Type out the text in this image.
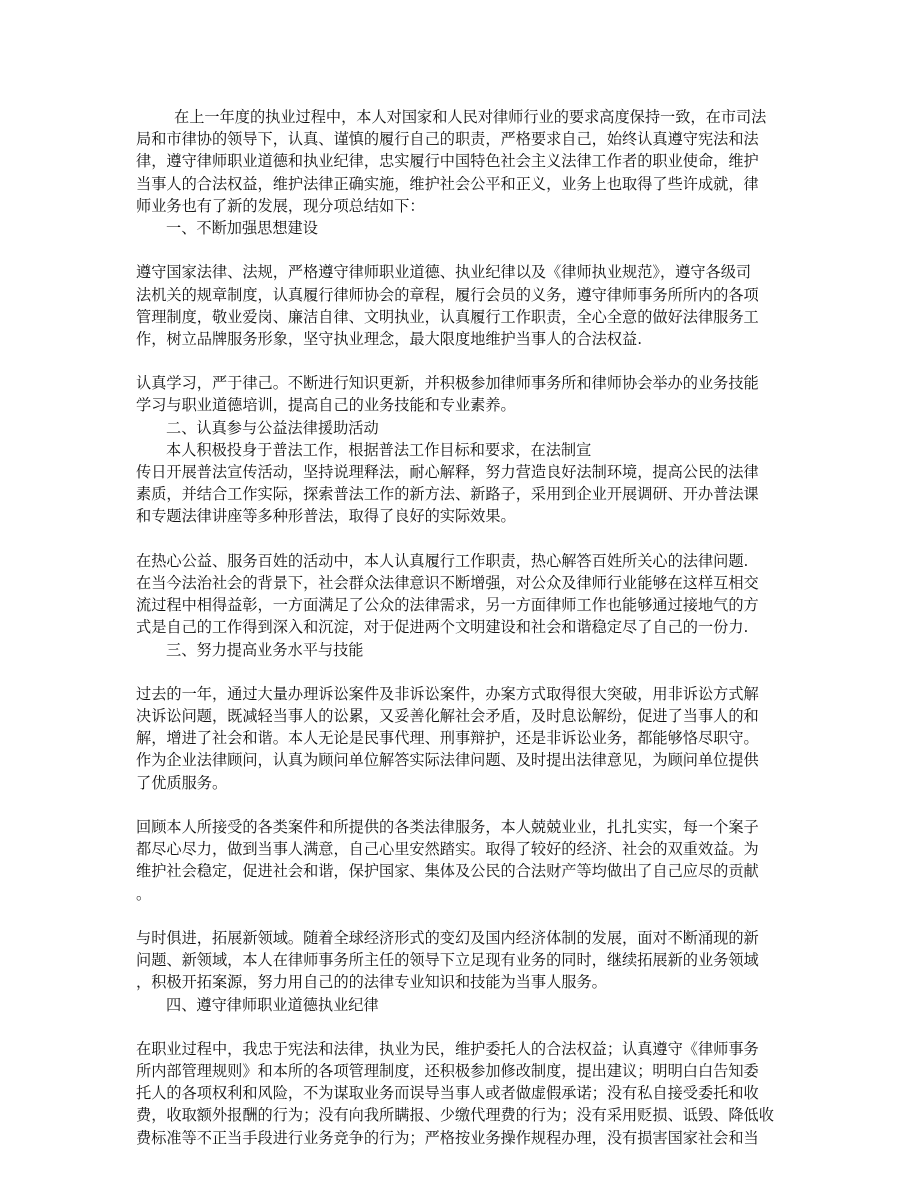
在上一年度的执业过程中，本人对国家和人民对律师行业的要求高度保持一致，在市司法

局和市律协的领导下，认真、谨慎的履行自己的职责，严格要求自己，始终认真遵守宪法和法

律，遵守律师职业道德和执业纪律，忠实履行中国特色社会主义法律工作者的职业使命，维护

当事人的合法权益，维护法律正确实施，维护社会公平和正义，业务上也取得了些许成就，律

师业务也有了新的发展，现分项总结如下：

一、不断加强思想建设

遵守国家法律、法规，严格遵守律师职业道德、执业纪律以及《律师执业规范》，遵守各级司

法机关的规章制度，认真履行律师协会的章程，履行会员的义务，遵守律师事务所所内的各项

管理制度，敬业爱岗、廉洁自律、文明执业，认真履行工作职责，全心全意的做好法律服务工

作，树立品牌服务形象，坚守执业理念，最大限度地维护当事人的合法权益.

认真学习，严于律己。不断进行知识更新，并积极参加律师事务所和律师协会举办的业务技能

学习与职业道德培训，提高自己的业务技能和专业素养。

二、认真参与公益法律援助活动

本人积极投身于普法工作，根据普法工作目标和要求，在法制宣

传日开展普法宣传活动，坚持说理释法，耐心解释，努力营造良好法制环境，提高公民的法律

素质，并结合工作实际，探索普法工作的新方法、新路子，采用到企业开展调研、开办普法课

和专题法律讲座等多种形普法，取得了良好的实际效果。

在热心公益、服务百姓的活动中，本人认真履行工作职责，热心解答百姓所关心的法律问题.

在当今法治社会的背景下，社会群众法律意识不断增强，对公众及律师行业能够在这样互相交

流过程中相得益彰，一方面满足了公众的法律需求，另一方面律师工作也能够通过接地气的方

式是自己的工作得到深入和沉淀，对于促进两个文明建设和社会和谐稳定尽了自己的一份力.

三、努力提高业务水平与技能

过去的一年，通过大量办理诉讼案件及非诉讼案件，办案方式取得很大突破，用非诉讼方式解

决诉讼问题，既减轻当事人的讼累，又妥善化解社会矛盾，及时息讼解纷，促进了当事人的和

解，增进了社会和谐。本人无论是民事代理、刑事辩护，还是非诉讼业务，都能够恪尽职守。

作为企业法律顾问，认真为顾问单位解答实际法律问题、及时提出法律意见，为顾问单位提供

了优质服务。

回顾本人所接受的各类案件和所提供的各类法律服务，本人兢兢业业，扎扎实实，每一个案子

都尽心尽力，做到当事人满意，自己心里安然踏实。取得了较好的经济、社会的双重效益。为

维护社会稳定，促进社会和谐，保护国家、集体及公民的合法财产等均做出了自己应尽的贡献

。

与时俱进，拓展新领域。随着全球经济形式的变幻及国内经济体制的发展，面对不断涌现的新

问题、新领域，本人在律师事务所主任的领导下立足现有业务的同时，继续拓展新的业务领域

，积极开拓案源，努力用自己的的法律专业知识和技能为当事人服务。

四、遵守律师职业道德执业纪律

在职业过程中，我忠于宪法和法律，执业为民，维护委托人的合法权益；认真遵守《律师事务

所内部管理规则》和本所的各项管理制度，还积极参加修改制度，提出建议；明明白白告知委

托人的各项权利和风险，不为谋取业务而误导当事人或者做虚假承诺；没有私自接受委托和收

费，收取额外报酬的行为；没有向我所瞒报、少缴代理费的行为；没有采用贬损、诋毁、降低收

费标准等不正当手段进行业务竞争的行为；严格按业务操作规程办理，没有损害国家社会和当
